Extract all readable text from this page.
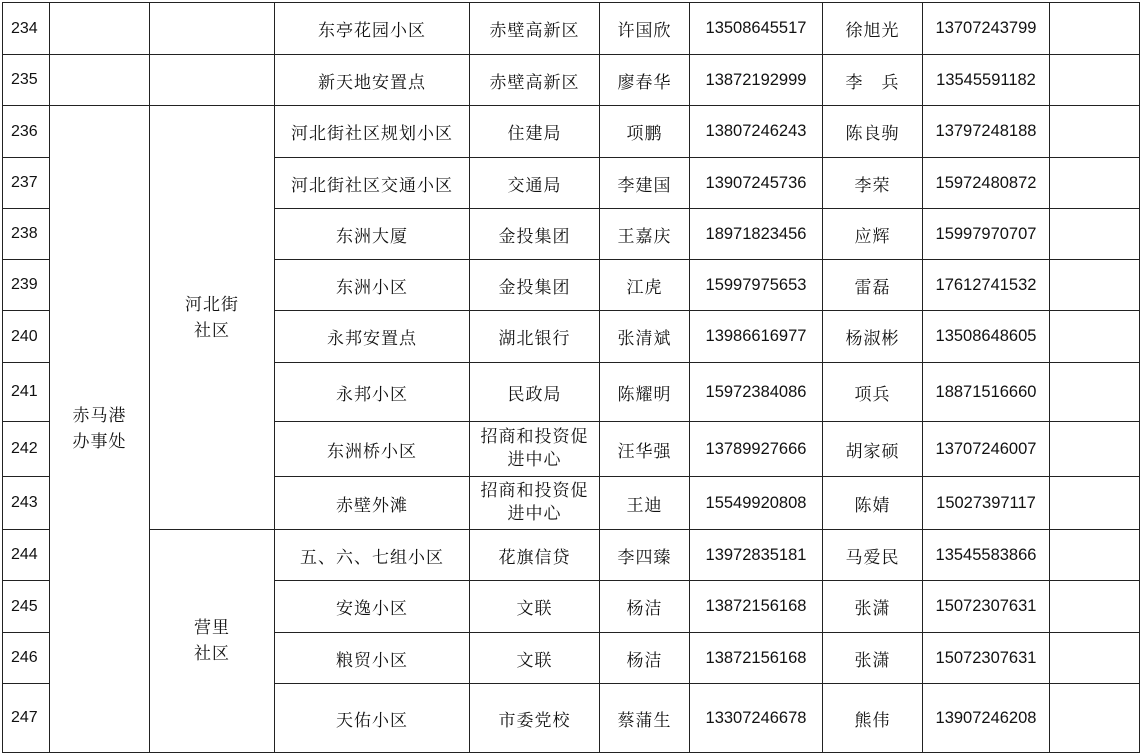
234			东亭花园小区	赤壁高新区	许国欣	13508645517	徐旭光	13707243799	
235			新天地安置点	赤壁高新区	廖春华	13872192999	李　兵	13545591182	
236	赤马港办事处	河北街社区	河北街社区规划小区	住建局	项鹏	13807246243	陈良驹	13797248188	
237			河北街社区交通小区	交通局	李建国	13907245736	李荣	15972480872	
238			东洲大厦	金投集团	王嘉庆	18971823456	应辉	15997970707	
239			东洲小区	金投集团	江虎	15997975653	雷磊	17612741532	
240			永邦安置点	湖北银行	张清斌	13986616977	杨淑彬	13508648605	
241			永邦小区	民政局	陈耀明	15972384086	项兵	18871516660	
242			东洲桥小区	招商和投资促进中心	汪华强	13789927666	胡家硕	13707246007	
243			赤壁外滩	招商和投资促进中心	王迪	15549920808	陈婧	15027397117	
244		营里社区	五、六、七组小区	花旗信贷	李四臻	13972835181	马爱民	13545583866	
245			安逸小区	文联	杨洁	13872156168	张潇	15072307631	
246			粮贸小区	文联	杨洁	13872156168	张潇	15072307631	
247			天佑小区	市委党校	蔡蒲生	13307246678	熊伟	13907246208	
